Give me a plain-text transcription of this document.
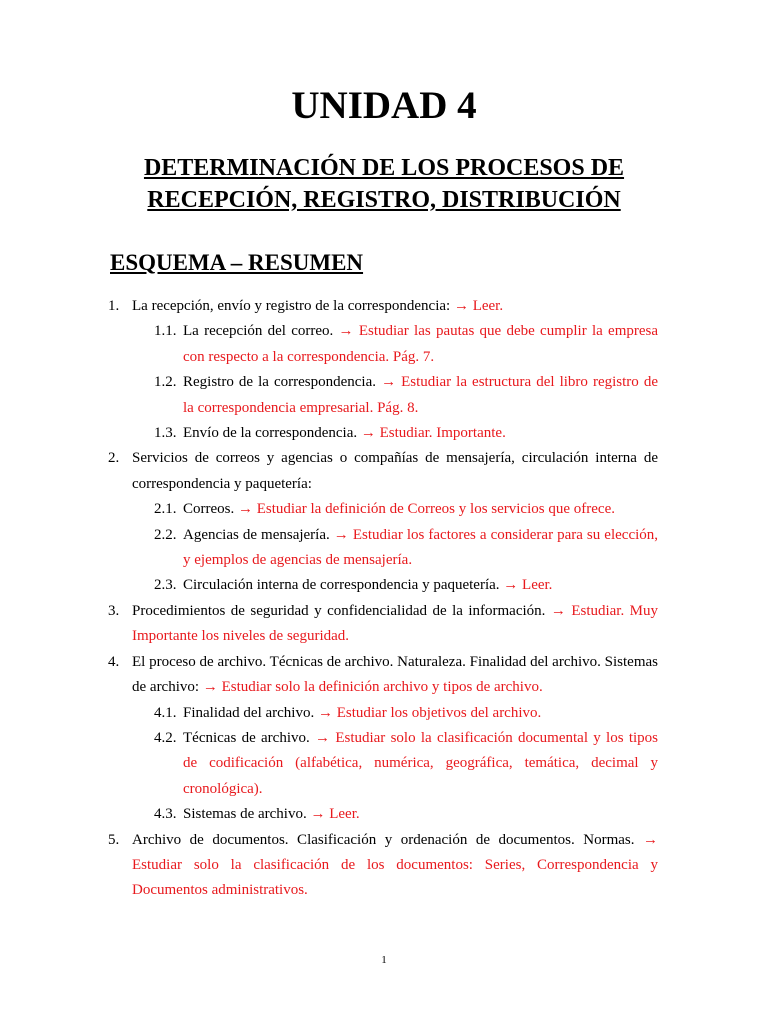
UNIDAD 4
DETERMINACIÓN DE LOS PROCESOS DE
RECEPCIÓN, REGISTRO, DISTRIBUCIÓN
ESQUEMA – RESUMEN
1. La recepción, envío y registro de la correspondencia: → Leer.
1.1. La recepción del correo. → Estudiar las pautas que debe cumplir la empresa con respecto a la correspondencia. Pág. 7.
1.2. Registro de la correspondencia. → Estudiar la estructura del libro registro de la correspondencia empresarial. Pág. 8.
1.3. Envío de la correspondencia. → Estudiar. Importante.
2. Servicios de correos y agencias o compañías de mensajería, circulación interna de correspondencia y paquetería:
2.1. Correos. → Estudiar la definición de Correos y los servicios que ofrece.
2.2. Agencias de mensajería. → Estudiar los factores a considerar para su elección, y ejemplos de agencias de mensajería.
2.3. Circulación interna de correspondencia y paquetería. → Leer.
3. Procedimientos de seguridad y confidencialidad de la información. → Estudiar. Muy Importante los niveles de seguridad.
4. El proceso de archivo. Técnicas de archivo. Naturaleza. Finalidad del archivo. Sistemas de archivo: → Estudiar solo la definición archivo y tipos de archivo.
4.1. Finalidad del archivo. → Estudiar los objetivos del archivo.
4.2. Técnicas de archivo. → Estudiar solo la clasificación documental y los tipos de codificación (alfabética, numérica, geográfica, temática, decimal y cronológica).
4.3. Sistemas de archivo. → Leer.
5. Archivo de documentos. Clasificación y ordenación de documentos. Normas. → Estudiar solo la clasificación de los documentos: Series, Correspondencia y Documentos administrativos.
1
